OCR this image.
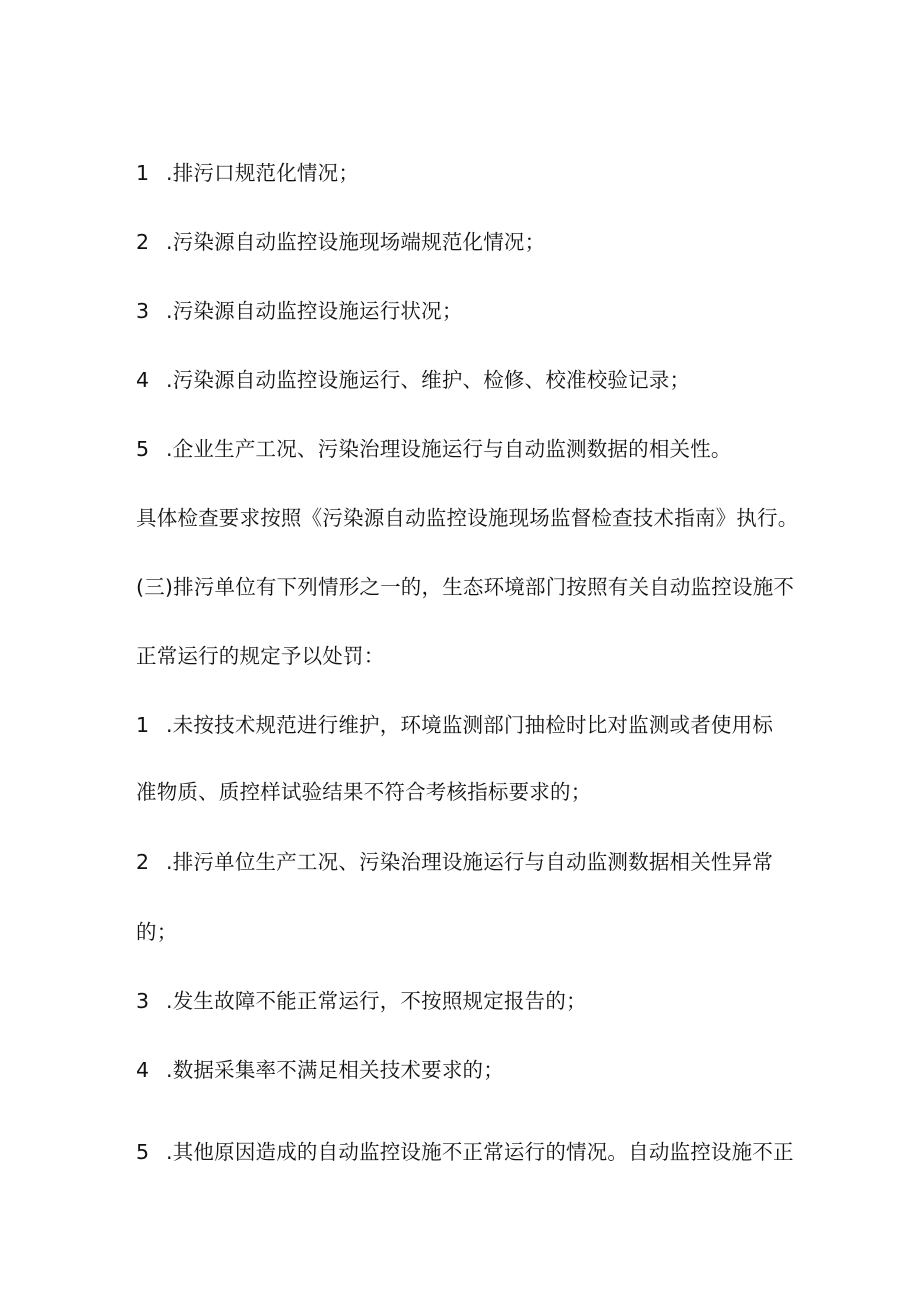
1 .排污口规范化情况；
2 .污染源自动监控设施现场端规范化情况；
3 .污染源自动监控设施运行状况；
4 .污染源自动监控设施运行、维护、检修、校准校验记录；
5 .企业生产工况、污染治理设施运行与自动监测数据的相关性。
具体检查要求按照《污染源自动监控设施现场监督检查技术指南》执行。
(三)排污单位有下列情形之一的，生态环境部门按照有关自动监控设施不
正常运行的规定予以处罚：
1 .未按技术规范进行维护，环境监测部门抽检时比对监测或者使用标
准物质、质控样试验结果不符合考核指标要求的；
2 .排污单位生产工况、污染治理设施运行与自动监测数据相关性异常
的；
3 .发生故障不能正常运行，不按照规定报告的；
4 .数据采集率不满足相关技术要求的；
5 .其他原因造成的自动监控设施不正常运行的情况。自动监控设施不正
